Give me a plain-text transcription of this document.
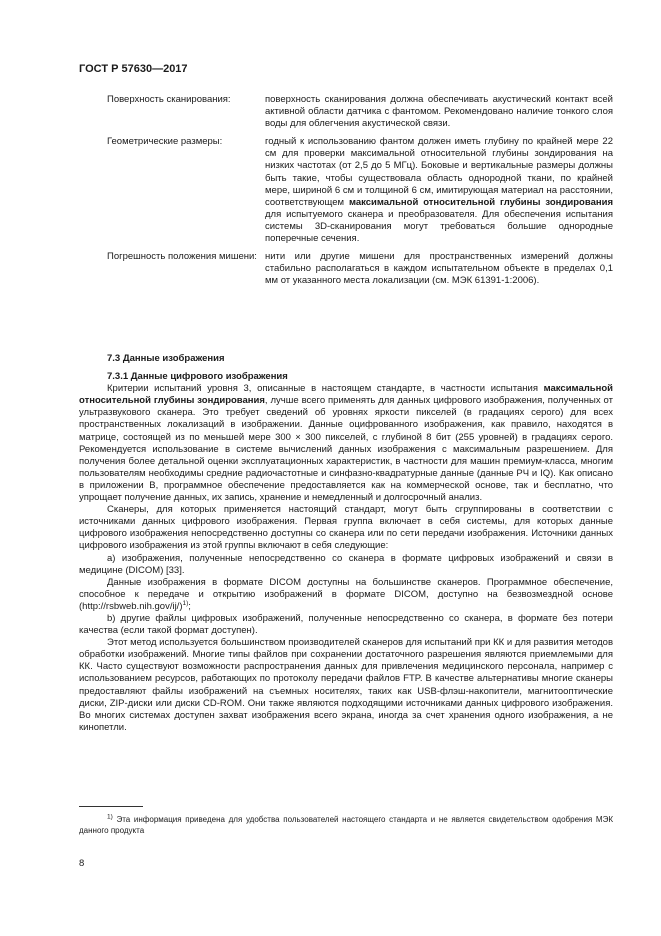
ГОСТ Р 57630—2017
Поверхность сканирования:	поверхность сканирования должна обеспечивать акустический контакт всей активной области датчика с фантомом. Рекомендовано наличие тонкого слоя воды для облегчения акустической связи.
Геометрические размеры:	годный к использованию фантом должен иметь глубину по крайней мере 22 см для проверки максимальной относительной глубины зондирования на низких частотах (от 2,5 до 5 МГц). Боковые и вертикальные размеры должны быть такие, чтобы существовала область однородной ткани, по крайней мере, шириной 6 см и толщиной 6 см, имитирующая материал на расстоянии, соответствующем максимальной относительной глубины зондирования для испытуемого сканера и преобразователя. Для обеспечения испытания системы 3D-сканирования могут требоваться большие однородные поперечные сечения.
Погрешность положения мишени: нити или другие мишени для пространственных измерений должны стабильно располагаться в каждом испытательном объекте в пределах 0,1 мм от указанного места локализации (см. МЭК 61391-1:2006).
7.3 Данные изображения
7.3.1 Данные цифрового изображения

Критерии испытаний уровня 3, описанные в настоящем стандарте, в частности испытания максимальной относительной глубины зондирования, лучше всего применять для данных цифрового изображения, полученных от ультразвукового сканера. Это требует сведений об уровнях яркости пикселей (в градациях серого) для всех пространственных локализаций в изображении. Данные оцифрованного изображения, как правило, находятся в матрице, состоящей из по меньшей мере 300 × 300 пикселей, с глубиной 8 бит (255 уровней) в градациях серого. Рекомендуется использование в системе вычислений данных изображения с максимальным разрешением. Для получения более детальной оценки эксплуатационных характеристик, в частности для машин премиум-класса, многим пользователям необходимы средние радиочастотные и синфазно-квадратурные данные (данные РЧ и IQ). Как описано в приложении В, программное обеспечение предоставляется как на коммерческой основе, так и бесплатно, что упрощает получение данных, их запись, хранение и немедленный и долгосрочный анализ.

Сканеры, для которых применяется настоящий стандарт, могут быть сгруппированы в соответствии с источниками данных цифрового изображения. Первая группа включает в себя системы, для которых данные цифрового изображения непосредственно доступны со сканера или по сети передачи изображения. Источники данных цифрового изображения из этой группы включают в себя следующие:

а) изображения, полученные непосредственно со сканера в формате цифровых изображений и связи в медицине (DICOM) [33].

Данные изображения в формате DICOM доступны на большинстве сканеров. Программное обеспечение, способное к передаче и открытию изображений в формате DICOM, доступно на безвозмездной основе (http://rsbweb.nih.gov/ij/)$^{1)}$;

b) другие файлы цифровых изображений, полученные непосредственно со сканера, в формате без потери качества (если такой формат доступен).

Этот метод используется большинством производителей сканеров для испытаний при КК и для развития методов обработки изображений. Многие типы файлов при сохранении достаточного разрешения являются приемлемыми для КК. Часто существуют возможности распространения данных для привлечения медицинского персонала, например с использованием ресурсов, работающих по протоколу передачи файлов FTP. В качестве альтернативы многие сканеры предоставляют файлы изображений на съемных носителях, таких как USB-флэш-накопители, магнитооптические диски, ZIP-диски или диски CD-ROM. Они также являются подходящими источниками данных цифрового изображения. Во многих системах доступен захват изображения всего экрана, иногда за счет хранения одного изображения, а не кинопетли.

$^{1)}$ Эта информация приведена для удобства пользователей настоящего стандарта и не является свидетельством одобрения МЭК данного продукта
8
